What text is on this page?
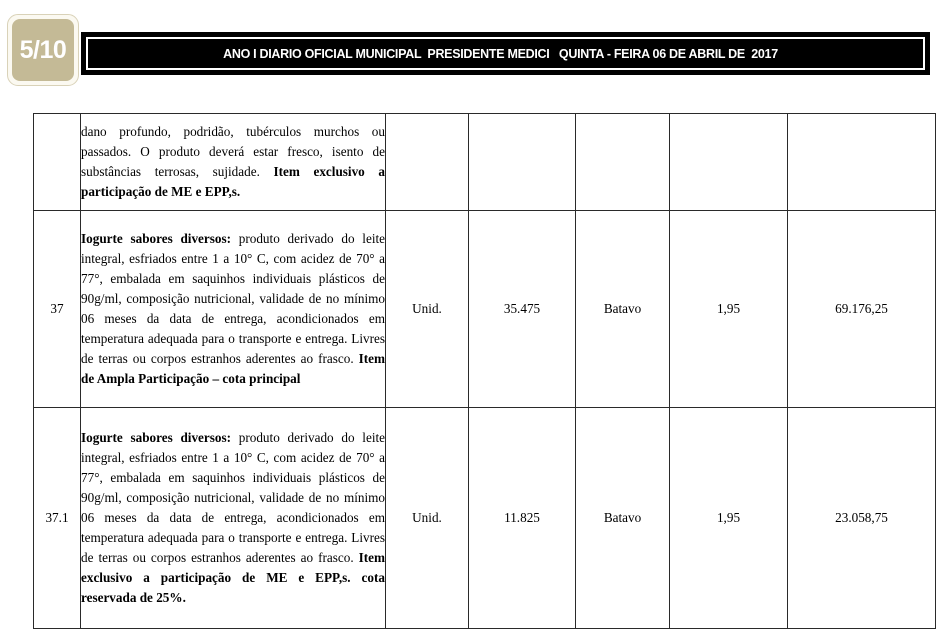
5/10	ANO I DIARIO OFICIAL MUNICIPAL  PRESIDENTE MEDICI   QUINTA - FEIRA 06 DE ABRIL DE  2017

	dano profundo, podridão, tubérculos murchos ou passados. O produto deverá estar fresco, isento de substâncias terrosas, sujidade. Item exclusivo a participação de ME e EPP,s.					

37	Iogurte sabores diversos: produto derivado do leite integral, esfriados entre 1 a 10° C, com acidez de 70° a 77°, embalada em saquinhos individuais plásticos de 90g/ml, composição nutricional, validade de no mínimo 06 meses da data de entrega, acondicionados em temperatura adequada para o transporte e entrega. Livres de terras ou corpos estranhos aderentes ao frasco. Item de Ampla Participação – cota principal	Unid.	35.475	Batavo	1,95	69.176,25
37.1	Iogurte sabores diversos: produto derivado do leite integral, esfriados entre 1 a 10° C, com acidez de 70° a 77°, embalada em saquinhos individuais plásticos de 90g/ml, composição nutricional, validade de no mínimo 06 meses da data de entrega, acondicionados em temperatura adequada para o transporte e entrega. Livres de terras ou corpos estranhos aderentes ao frasco. Item exclusivo a participação de ME e EPP,s. cota reservada de 25%.	Unid.	11.825	Batavo	1,95	23.058,75
